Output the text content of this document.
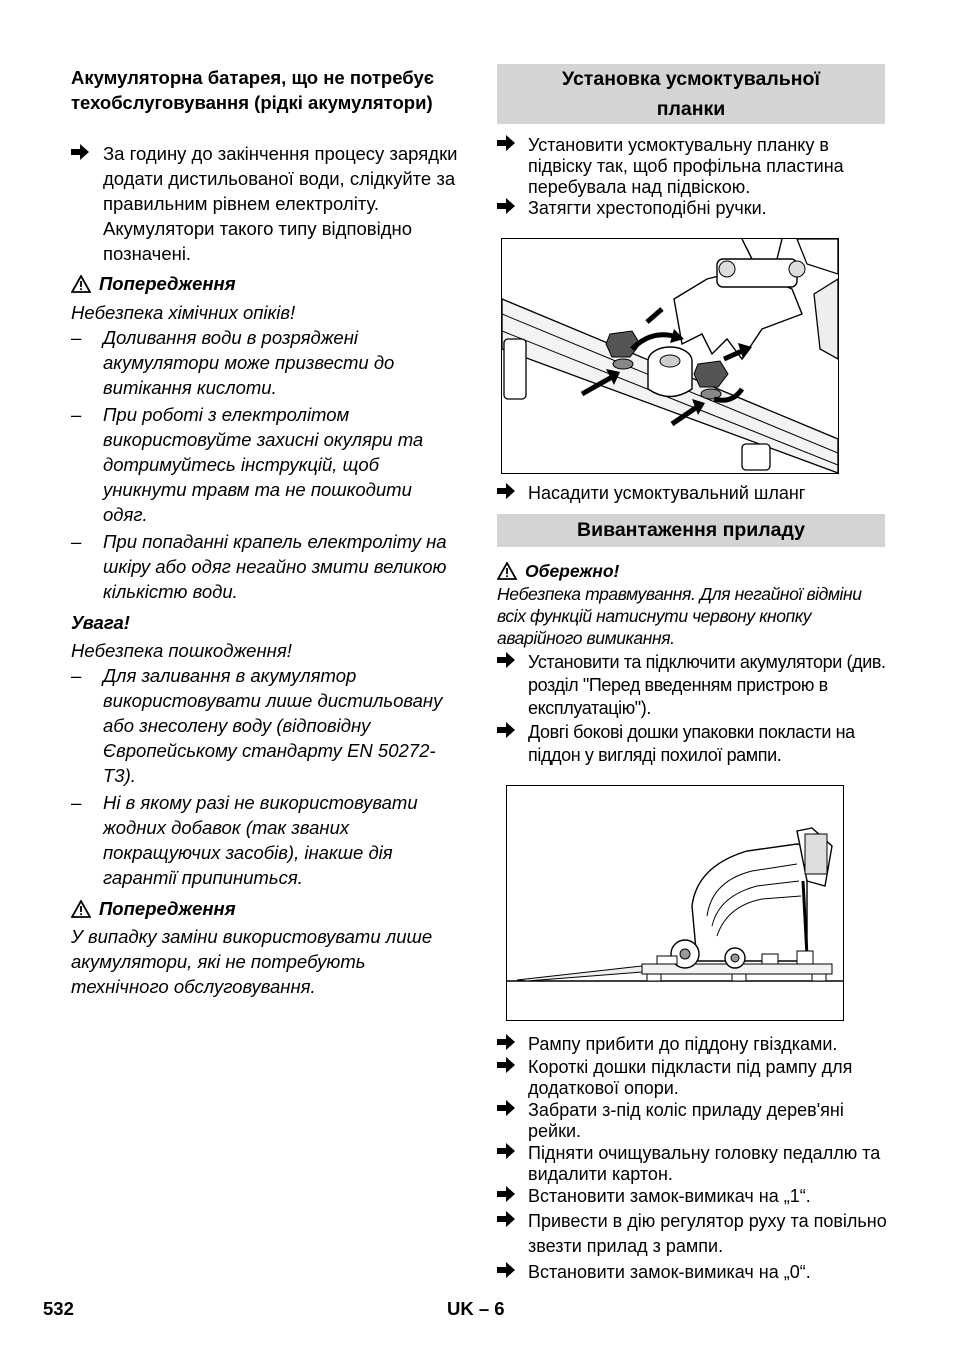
Акумуляторна батарея, що не потребує техобслуговування (рідкі акумулятори)
За годину до закінчення процесу зарядки додати дистильованої води, слідкуйте за правильним рівнем електроліту. Акумулятори такого типу відповідно позначені.
Попередження
Небезпека хімічних опіків!
–	Доливання води в розряджені акумулятори може призвести до витікання кислоти.
–	При роботі з електролітом використовуйте захисні окуляри та дотримуйтесь інструкцій, щоб уникнути травм та не пошкодити одяг.
–	При попаданні крапель електроліту на шкіру або одяг негайно змити великою кількістю води.
Увага!
Небезпека пошкодження!
–	Для заливання в акумулятор використовувати лише дистильовану або знесолену воду (відповідну Європейському стандарту EN 50272-T3).
–	Ні в якому разі не використовувати жодних добавок (так званих покращуючих засобів), інакше дія гарантії припиниться.
Попередження
У випадку заміни використовувати лише акумулятори, які не потребують технічного обслуговування.
Установка усмоктувальної
планки
Установити усмоктувальну планку в підвіску так, щоб профільна пластина перебувала над підвіскою.
Затягти хрестоподібні ручки.
Насадити усмоктувальний шланг
Вивантаження приладу
Обережно!
Небезпека травмування. Для негайної відміни всіх функцій натиснути червону кнопку аварійного вимикання.
Установити та підключити акумулятори (див. розділ "Перед введенням пристрою в експлуатацію").
Довгі бокові дошки упаковки покласти на піддон у вигляді похилої рампи.
Рампу прибити до піддону гвіздками.
Короткі дошки підкласти під рампу для додаткової опори.
Забрати з-під коліс приладу дерев'яні рейки.
Підняти очищувальну головку педаллю та видалити картон.
Встановити замок-вимикач на „1“.
Привести в дію регулятор руху та повільно звезти прилад з рампи.
Встановити замок-вимикач на „0“.
532	UK – 6
